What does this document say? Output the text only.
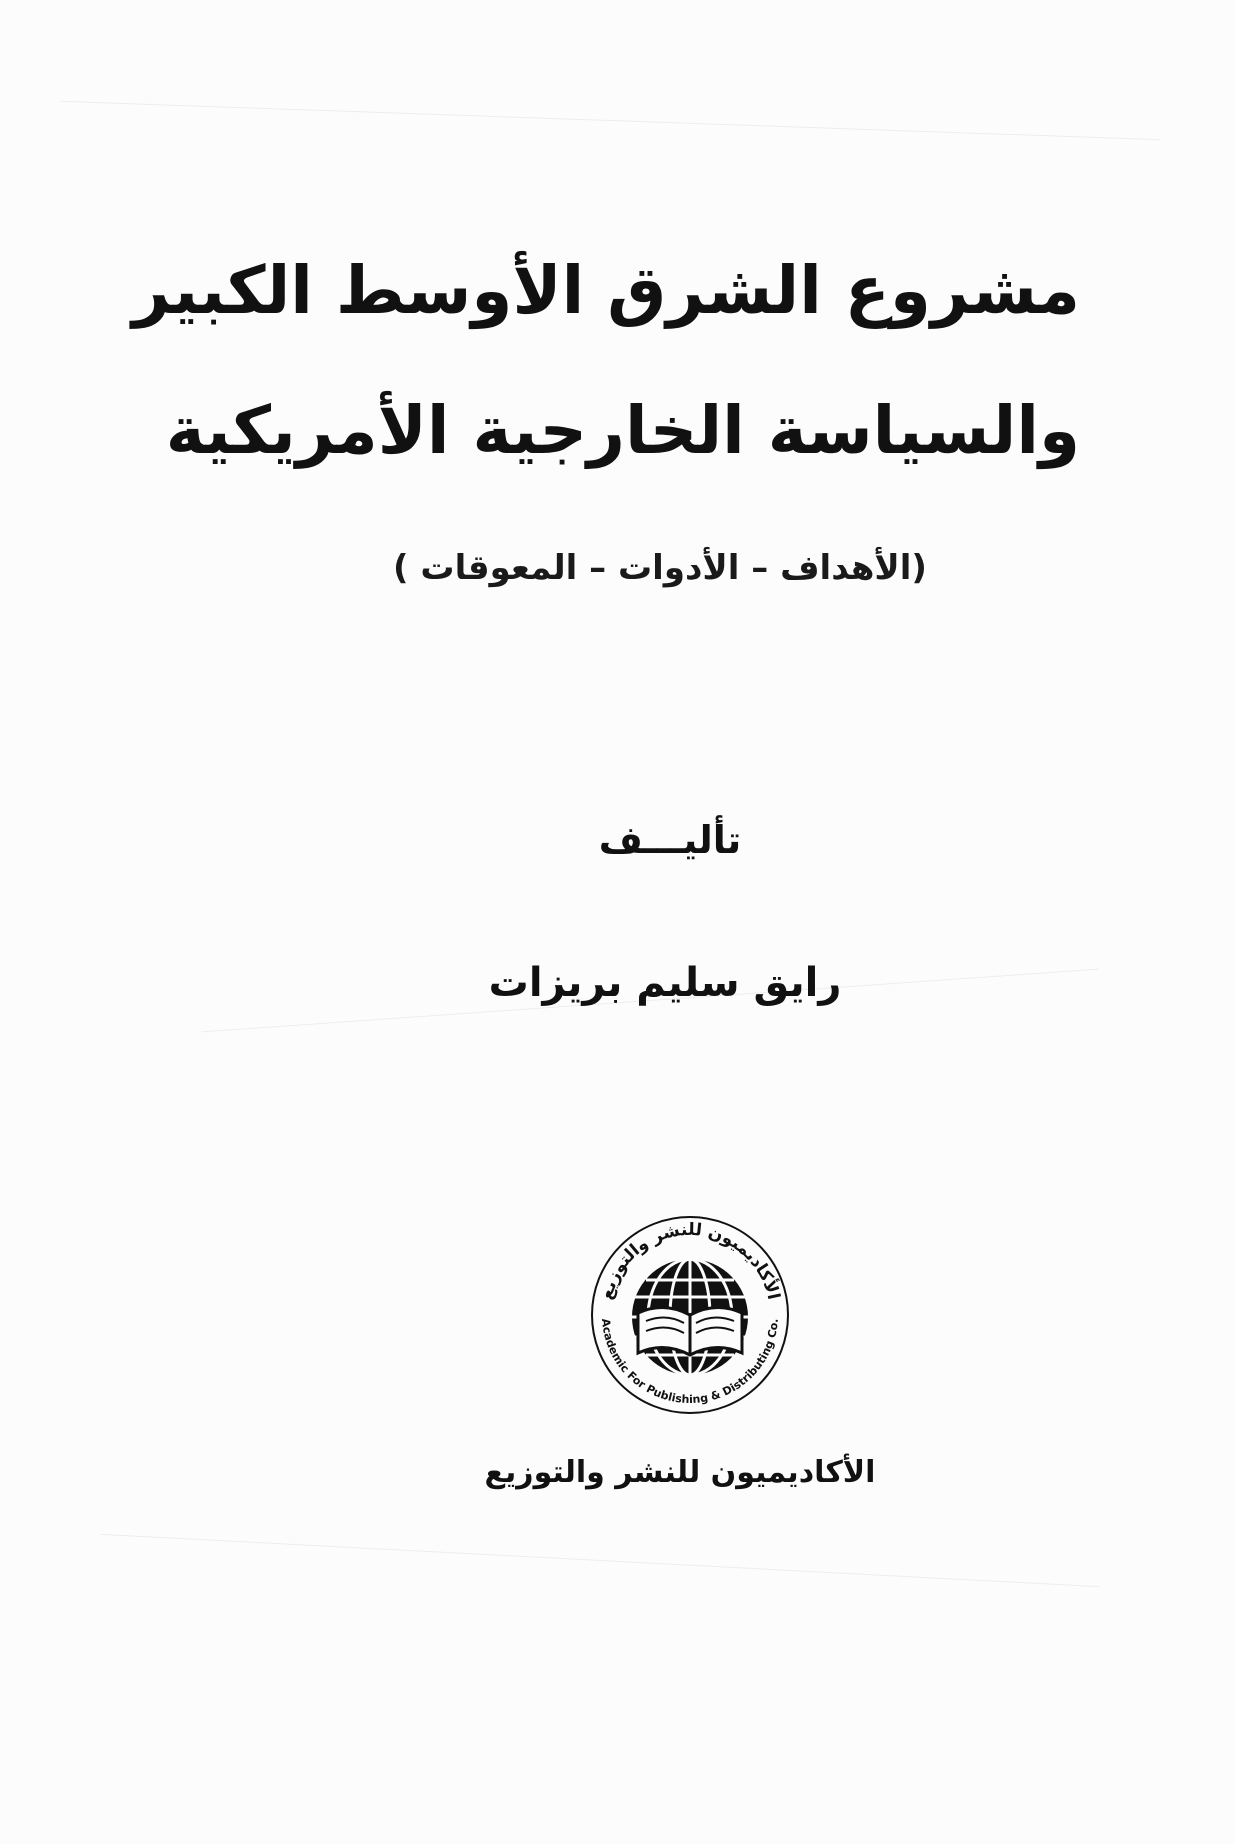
مشروع الشرق الأوسط الكبير
والسياسة الخارجية الأمريكية
(الأهداف – الأدوات – المعوقات )
تأليـــف
رايق سليم بريزات
الأكاديميون للنشر والتوزيع
Academic For Publishing & Distributing Co.
الأكاديميون للنشر والتوزيع
